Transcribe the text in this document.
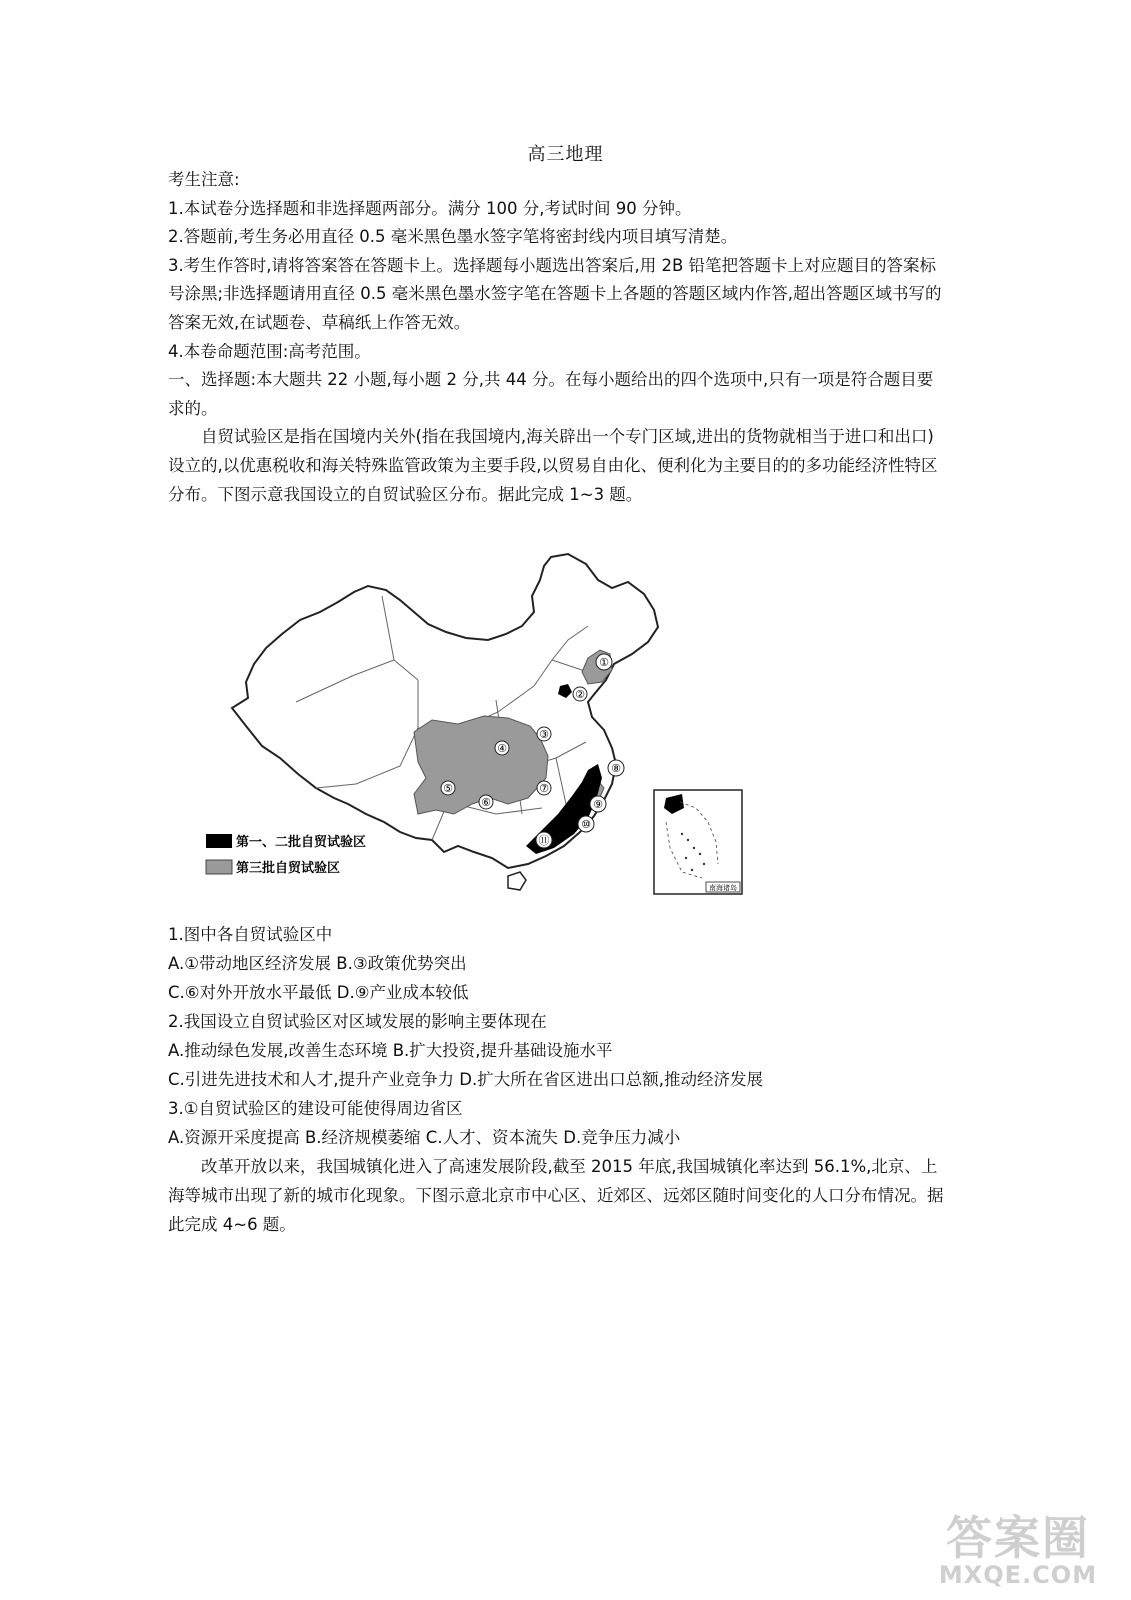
高三地理

考生注意:

1.本试卷分选择题和非选择题两部分。满分 100 分,考试时间 90 分钟。

2.答题前,考生务必用直径 0.5 毫米黑色墨水签字笔将密封线内项目填写清楚。

3.考生作答时,请将答案答在答题卡上。选择题每小题选出答案后,用 2B 铅笔把答题卡上对应题目的答案标号涂黑;非选择题请用直径 0.5 毫米黑色墨水签字笔在答题卡上各题的答题区域内作答,超出答题区域书写的答案无效,在试题卷、草稿纸上作答无效。

4.本卷命题范围:高考范围。

一、选择题:本大题共 22 小题,每小题 2 分,共 44 分。在每小题给出的四个选项中,只有一项是符合题目要求的。

自贸试验区是指在国境内关外(指在我国境内,海关辟出一个专门区域,进出的货物就相当于进口和出口)设立的,以优惠税收和海关特殊监管政策为主要手段,以贸易自由化、便利化为主要目的的多功能经济性特区分布。下图示意我国设立的自贸试验区分布。据此完成 1~3 题。

①
②
③
④
⑤
⑥
⑦
⑧
⑨
⑩
⑪
第一、二批自贸试验区
第三批自贸试验区
南海诸岛

1.图中各自贸试验区中

A.①带动地区经济发展 B.③政策优势突出

C.⑥对外开放水平最低 D.⑨产业成本较低

2.我国设立自贸试验区对区域发展的影响主要体现在

A.推动绿色发展,改善生态环境 B.扩大投资,提升基础设施水平

C.引进先进技术和人才,提升产业竞争力 D.扩大所在省区进出口总额,推动经济发展

3.①自贸试验区的建设可能使得周边省区

A.资源开采度提高 B.经济规模萎缩 C.人才、资本流失 D.竞争压力减小

改革开放以来，我国城镇化进入了高速发展阶段,截至 2015 年底,我国城镇化率达到 56.1%,北京、上海等城市出现了新的城市化现象。下图示意北京市中心区、近郊区、远郊区随时间变化的人口分布情况。据此完成 4~6 题。

答案圈
MXQE.COM
